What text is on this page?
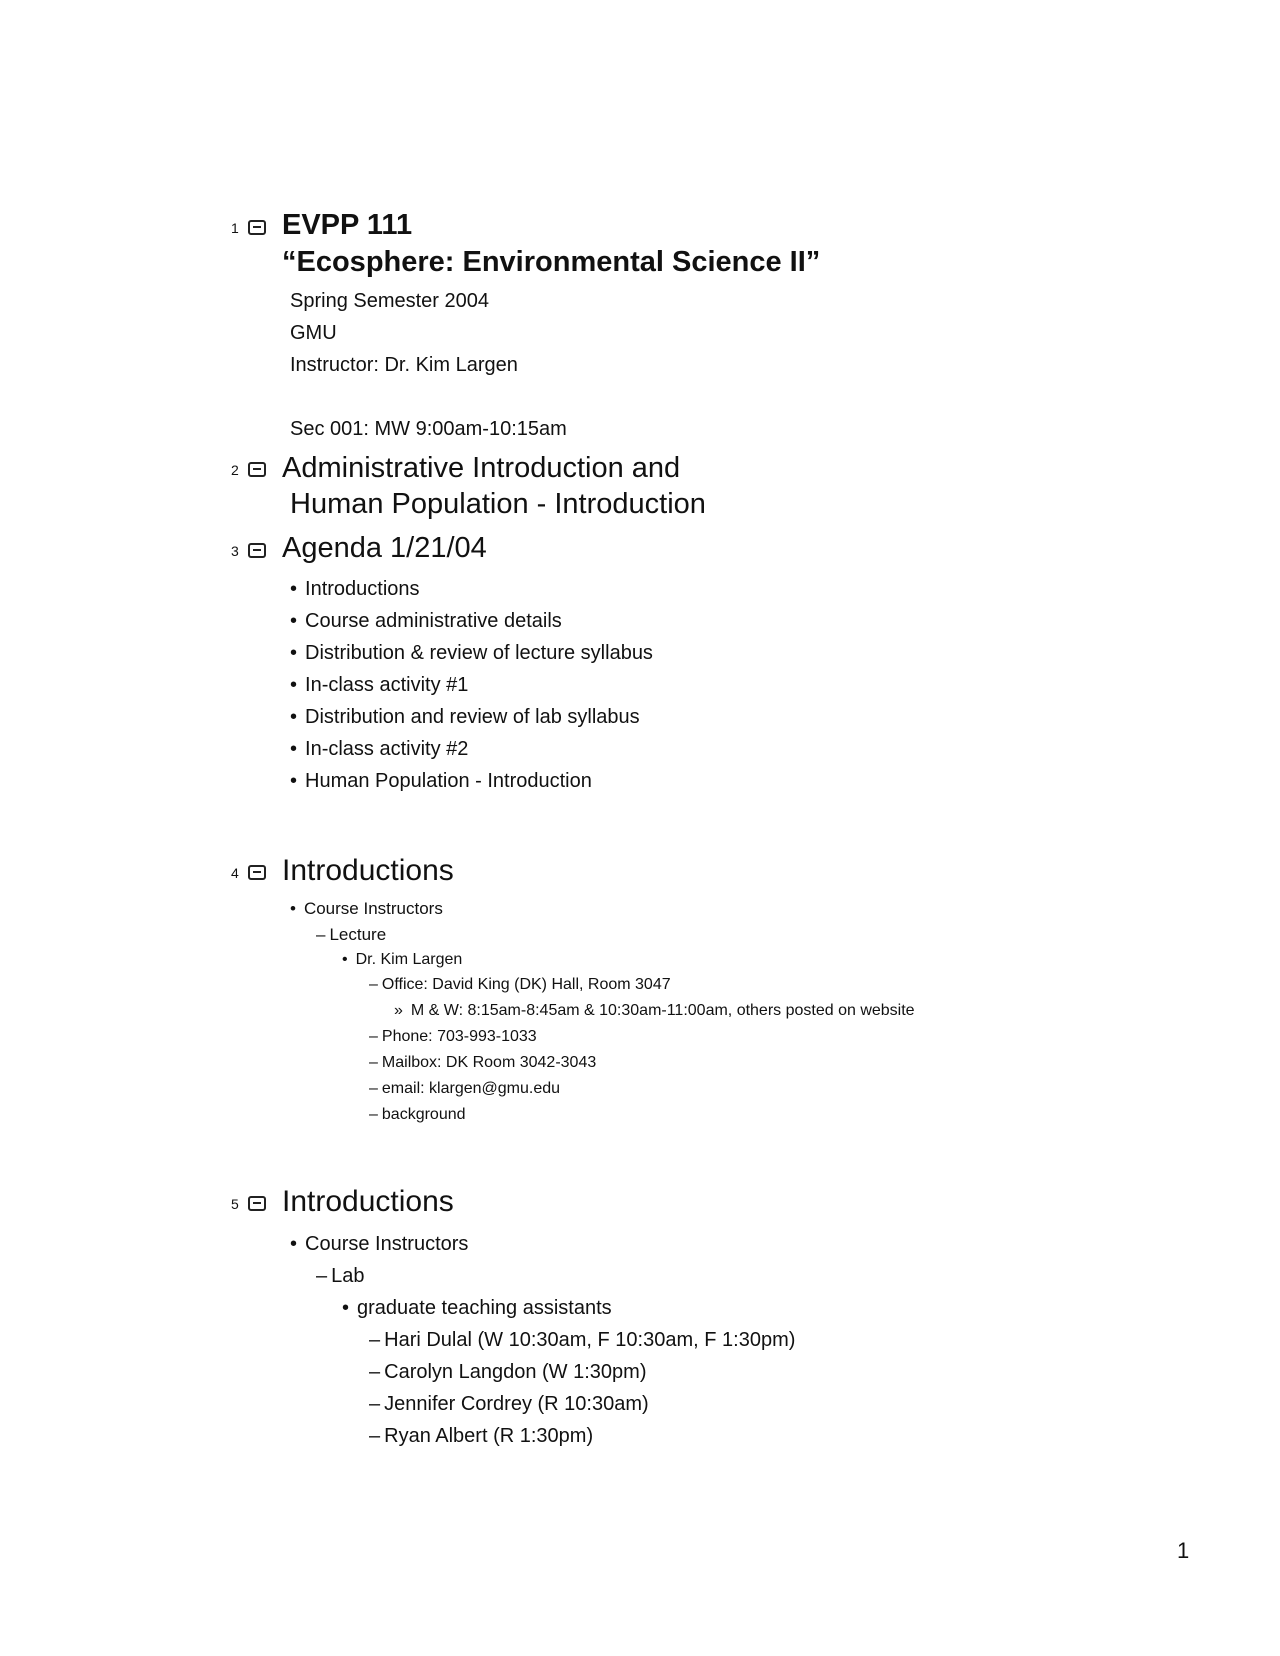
1 EVPP 111
“Ecosphere: Environmental Science II”
Spring Semester 2004
GMU
Instructor: Dr. Kim Largen
Sec 001: MW 9:00am-10:15am
2 Administrative Introduction and
Human Population - Introduction
3 Agenda 1/21/04
• Introductions
• Course administrative details
• Distribution & review of lecture syllabus
• In-class activity #1
• Distribution and review of lab syllabus
• In-class activity #2
• Human Population - Introduction
4 Introductions
• Course Instructors
– Lecture
• Dr. Kim Largen
– Office: David King (DK) Hall, Room 3047
» M & W: 8:15am-8:45am & 10:30am-11:00am, others posted on website
– Phone: 703-993-1033
– Mailbox: DK Room 3042-3043
– email: klargen@gmu.edu
– background
5 Introductions
• Course Instructors
– Lab
• graduate teaching assistants
– Hari Dulal (W 10:30am, F 10:30am, F 1:30pm)
– Carolyn Langdon (W 1:30pm)
– Jennifer Cordrey (R 10:30am)
– Ryan Albert (R 1:30pm)
1
